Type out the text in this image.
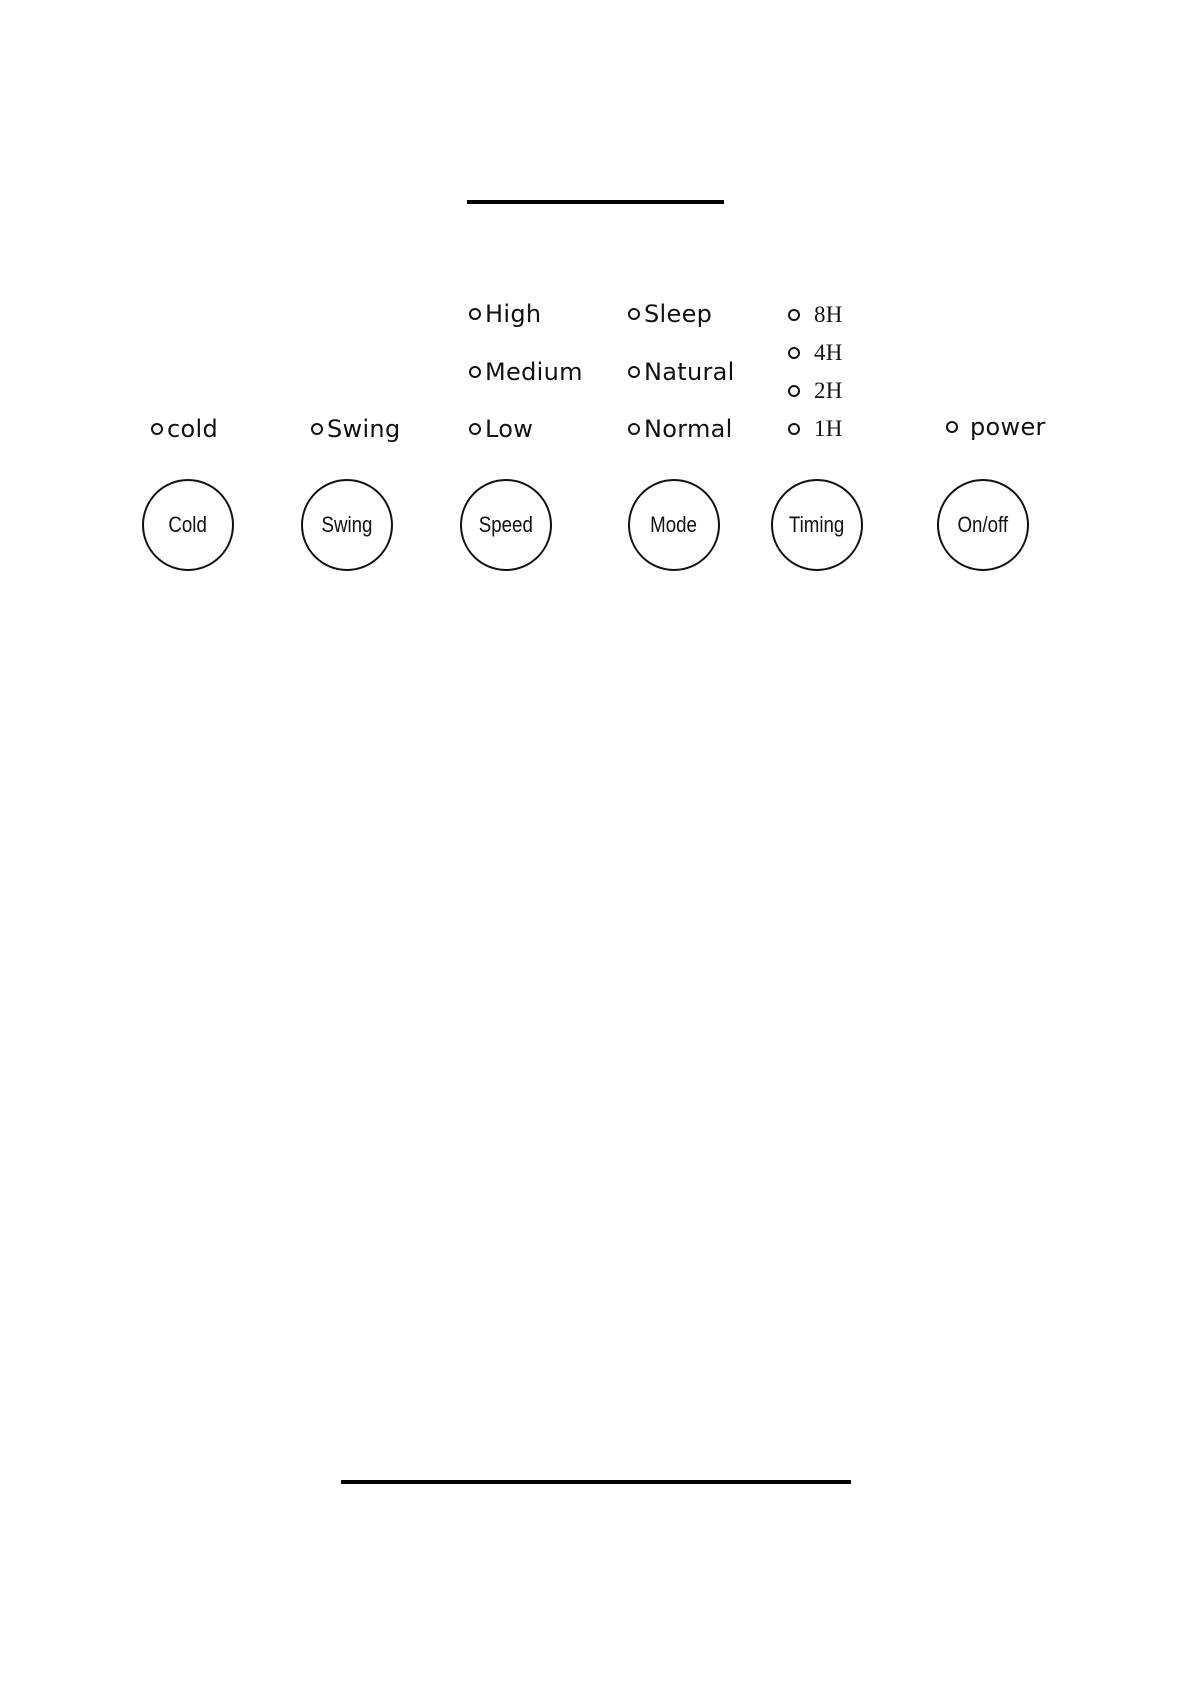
cold
Cold
Swing
Swing
High
Medium
Low
Speed
Sleep
Natural
Normal
Mode
8H
4H
2H
1H
Timing
power
On/off
